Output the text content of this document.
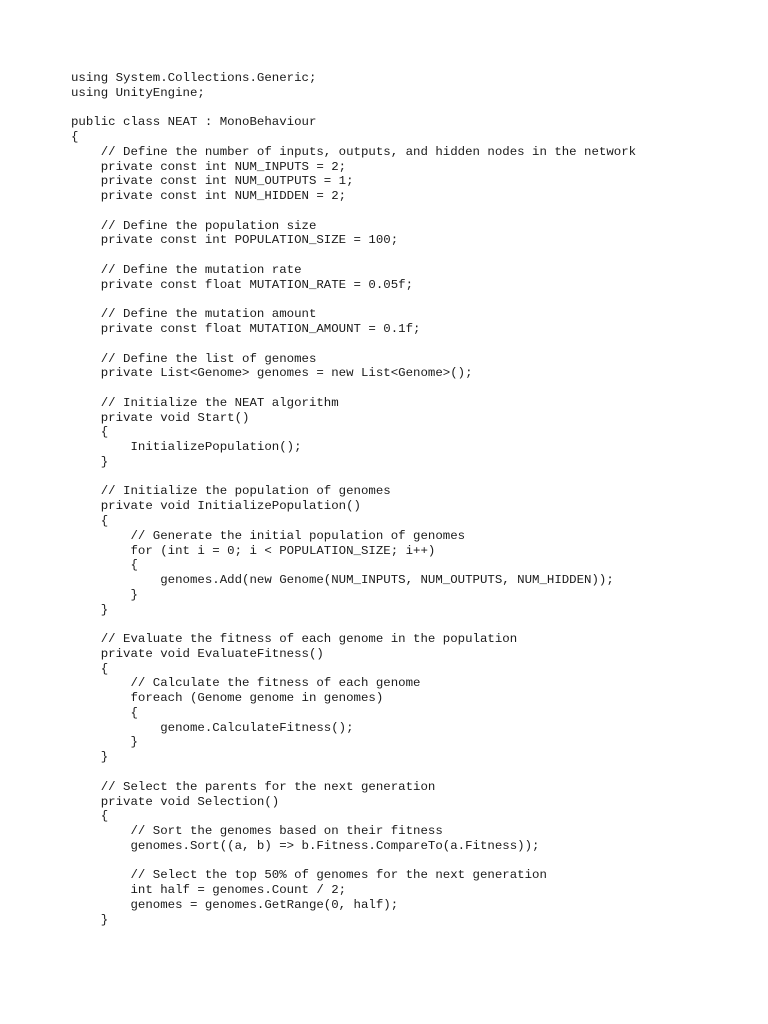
using System.Collections.Generic;
using UnityEngine;
public class NEAT : MonoBehaviour
{
// Define the number of inputs, outputs, and hidden nodes in the network
private const int NUM_INPUTS = 2;
private const int NUM_OUTPUTS = 1;
private const int NUM_HIDDEN = 2;
// Define the population size
private const int POPULATION_SIZE = 100;
// Define the mutation rate
private const float MUTATION_RATE = 0.05f;
// Define the mutation amount
private const float MUTATION_AMOUNT = 0.1f;
// Define the list of genomes
private List<Genome> genomes = new List<Genome>();
// Initialize the NEAT algorithm
private void Start()
{
InitializePopulation();
}
// Initialize the population of genomes
private void InitializePopulation()
{
// Generate the initial population of genomes
for (int i = 0; i < POPULATION_SIZE; i++)
{
genomes.Add(new Genome(NUM_INPUTS, NUM_OUTPUTS, NUM_HIDDEN));
}
}
// Evaluate the fitness of each genome in the population
private void EvaluateFitness()
{
// Calculate the fitness of each genome
foreach (Genome genome in genomes)
{
genome.CalculateFitness();
}
}
// Select the parents for the next generation
private void Selection()
{
// Sort the genomes based on their fitness
genomes.Sort((a, b) => b.Fitness.CompareTo(a.Fitness));
// Select the top 50% of genomes for the next generation
int half = genomes.Count / 2;
genomes = genomes.GetRange(0, half);
}
